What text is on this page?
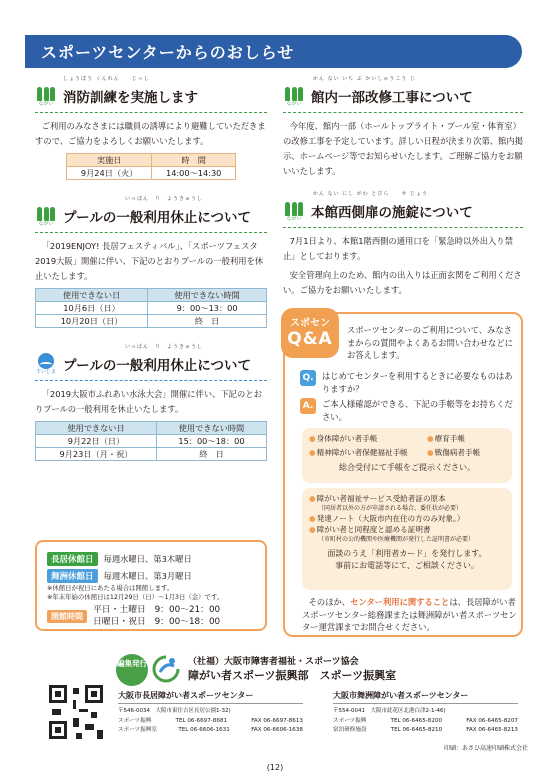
スポーツセンターからのおしらせ
しょうぼう くんれん　　じっし
ながい 消防訓練を実施します
ご利用のみなさまには職員の誘導により避難していただきますので、ご協力をよろしくお願いいたします。
実施日	時　間
9月24日（火）	14:00〜14:30
いっぱん　り　ようきゅうし
ながい プールの一般利用休止について
「2019ENJOY! 長居フェスティバル」、「スポーツフェスタ2019大阪」開催に伴い、下記のとおりプールの一般利用を休止いたします。
使用できない日	使用できない時間
10月6日（日）	9：00〜13：00
10月20日（日）	終　日
いっぱん　り　ようきゅうし
すいじま プールの一般利用休止について
「2019大阪市ふれあい水泳大会」開催に伴い、下記のとおりプールの一般利用を休止いたします。
使用できない日	使用できない時間
9月22日（日）	15：00〜18：00
9月23日（月・祝）	終　日
長居休館日	毎週水曜日、第3木曜日
舞洲休館日	毎週木曜日、第3月曜日
※休館日が祝日にあたる場合は開館します。
※年末年始の休館日は12月29日（日）〜1月3日（金）です。
開館時間
平日・土曜日　9：00〜21：00
日曜日・祝日　9：00〜18：00
かん ない いち ぶ かいしゅうこう じ
ながい 館内一部改修工事について
今年度、館内一部（ホールトップライト・プール室・体育室）の改修工事を予定しています。詳しい日程が決まり次第、館内掲示、ホームページ等でお知らせいたします。ご理解ご協力をお願いいたします。
かん ない にし がわ とびら　　せ じょう
ながい 本館西側扉の施錠について
7月1日より、本館1階西側の通用口を「緊急時以外出入り禁止」としております。
安全管理向上のため、館内の出入りは正面玄関をご利用ください。ご協力をお願いいたします。
スポセン
Q&A	スポーツセンターのご利用について、みなさまからの質問やよくあるお問い合わせなどにお答えします。
Q. はじめてセンターを利用するときに必要なものはありますか？
A.	ご本人様確認ができる、下記の手帳等をお持ちください。
●身体障がい者手帳	●療育手帳
●精神障がい者保健福祉手帳	●戦傷病者手帳
総合受付にて手帳をご提示ください。
●障がい者福祉サービス受給者証の原本
（同居者以外の方が申請される場合、委任状が必要）
●発達ノート（大阪市内在住の方のみ対象。）
●障がい者と同程度と認める証明書
（市町村の公的機関や医療機関が発行した証明書が必要）
面談のうえ「利用者カード」を発行します。
事前にお電話等にて、ご相談ください。
そのほか、センター利用に関することは、長居障がい者スポーツセンター総務課または舞洲障がい者スポーツセンター運営課までお問合せください。
編集発行	（社福）大阪市障害者福祉・スポーツ協会
障がい者スポーツ振興部　スポーツ振興室
大阪市長居障がい者スポーツセンター
〒546-0034　大阪市東住吉区長居公園1-32)
スポーツ振興	TEL 06-6697-8681	FAX 06-6697-8613
スポーツ振興室	TEL 06-6606-1631	FAX 06-6606-1638
大阪市舞洲障がい者スポーツセンター
〒554-0041　大阪市此花区北港白津2-1-46)
スポーツ振興	TEL 06-6465-8200	FAX 06-6465-8207
宿泊研修施設	TEL 06-6465-8210	FAX 06-6465-8213
印刷：あさひ高速印刷株式会社
(12)
